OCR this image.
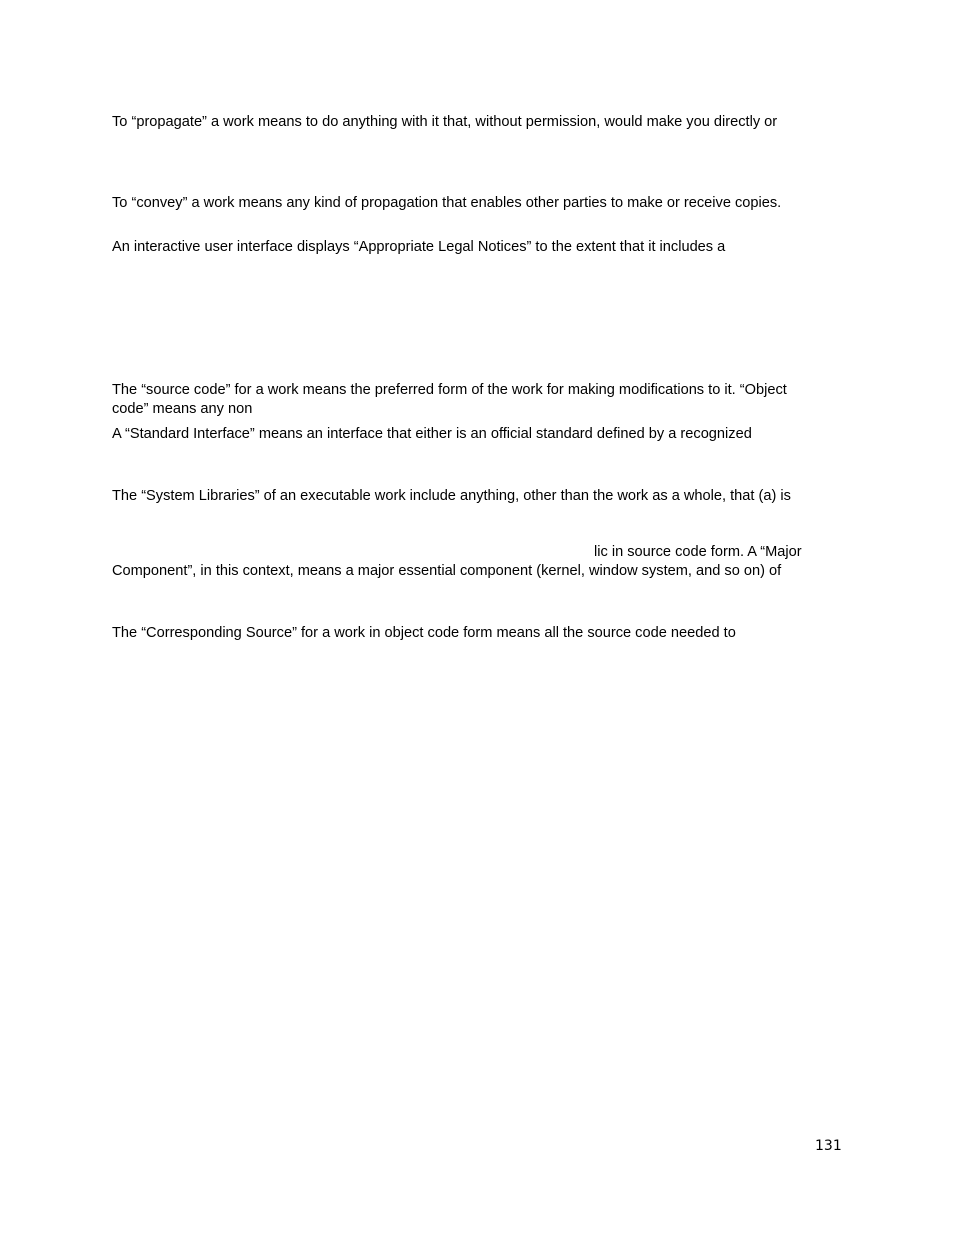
To “propagate” a work means to do anything with it that, without permission, would make you directly or

To “convey” a work means any kind of propagation that enables other parties to make or receive copies.

An interactive user interface displays “Appropriate Legal Notices” to the extent that it includes a

The “source code” for a work means the preferred form of the work for making modifications to it. “Object

code” means any non

A “Standard Interface” means an interface that either is an official standard defined by a recognized

The “System Libraries” of an executable work include anything, other than the work as a whole, that (a) is

lic in source code form. A “Major

Component”, in this context, means a major essential component (kernel, window system, and so on) of

The “Corresponding Source” for a work in object code form means all the source code needed to

131
